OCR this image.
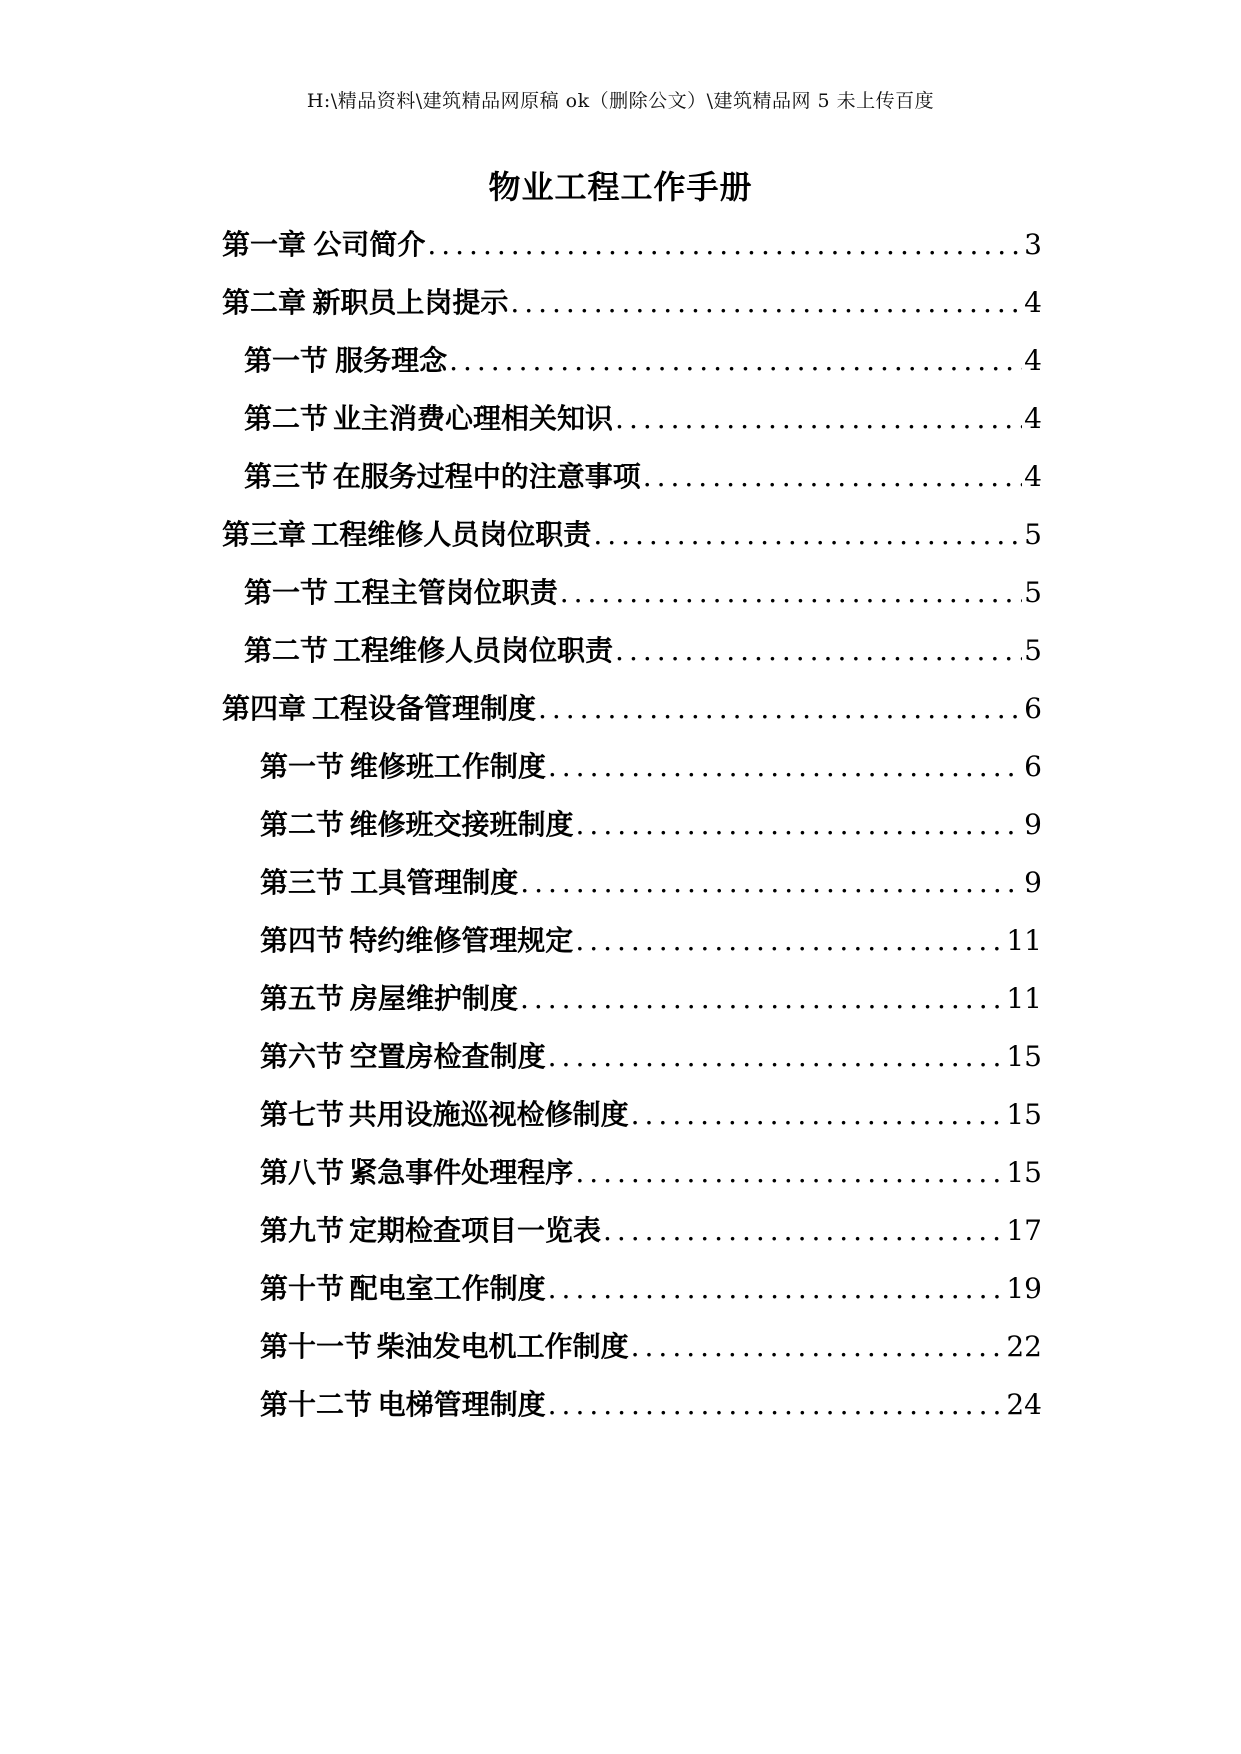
H:\精品资料\建筑精品网原稿 ok（删除公文）\建筑精品网 5 未上传百度
物业工程工作手册
第一章 公司简介 .....	3
第二章 新职员上岗提示 .....	4
第一节 服务理念 .....	4
第二节 业主消费心理相关知识 .....	4
第三节 在服务过程中的注意事项 .....	4
第三章 工程维修人员岗位职责 .....	5
第一节 工程主管岗位职责 .....	5
第二节 工程维修人员岗位职责 .....	5
第四章 工程设备管理制度 .....	6
第一节 维修班工作制度 .....	6
第二节 维修班交接班制度 .....	9
第三节 工具管理制度 .....	9
第四节 特约维修管理规定 .....	11
第五节 房屋维护制度 .....	11
第六节 空置房检查制度 .....	15
第七节 共用设施巡视检修制度 .....	15
第八节 紧急事件处理程序 .....	15
第九节 定期检查项目一览表 .....	17
第十节 配电室工作制度 .....	19
第十一节 柴油发电机工作制度 .....	22
第十二节 电梯管理制度 .....	24
